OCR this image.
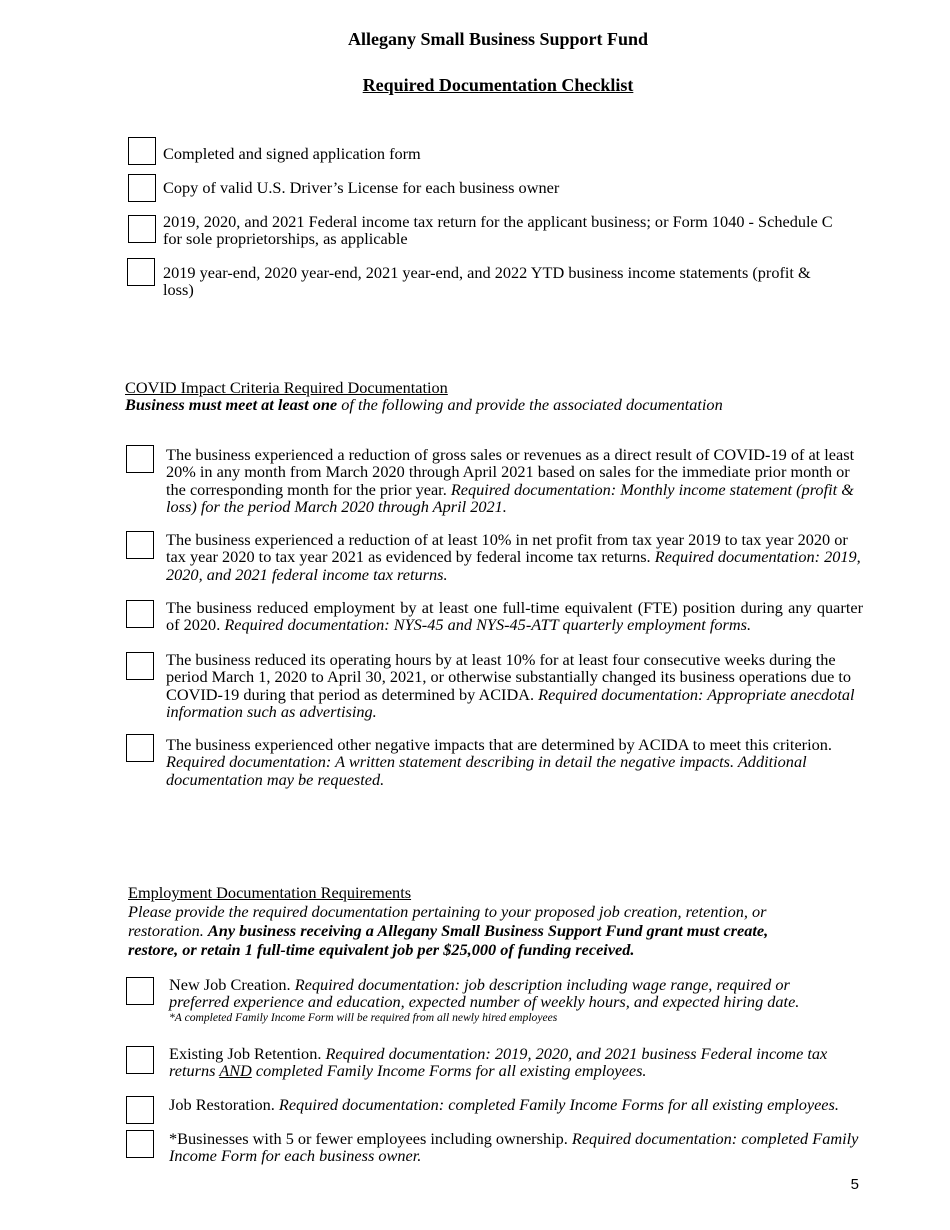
Allegany Small Business Support Fund
Required Documentation Checklist
Completed and signed application form
Copy of valid U.S. Driver’s License for each business owner
2019, 2020, and 2021 Federal income tax return for the applicant business; or Form 1040 - Schedule C for sole proprietorships, as applicable
2019 year-end, 2020 year-end, 2021 year-end, and 2022 YTD business income statements (profit & loss)
COVID Impact Criteria Required Documentation
Business must meet at least one of the following and provide the associated documentation
The business experienced a reduction of gross sales or revenues as a direct result of COVID-19 of at least 20% in any month from March 2020 through April 2021 based on sales for the immediate prior month or the corresponding month for the prior year. Required documentation: Monthly income statement (profit & loss) for the period March 2020 through April 2021.
The business experienced a reduction of at least 10% in net profit from tax year 2019 to tax year 2020 or tax year 2020 to tax year 2021 as evidenced by federal income tax returns. Required documentation: 2019, 2020, and 2021 federal income tax returns.
The business reduced employment by at least one full-time equivalent (FTE) position during any quarter of 2020. Required documentation: NYS-45 and NYS-45-ATT quarterly employment forms.
The business reduced its operating hours by at least 10% for at least four consecutive weeks during the period March 1, 2020 to April 30, 2021, or otherwise substantially changed its business operations due to COVID-19 during that period as determined by ACIDA. Required documentation: Appropriate anecdotal information such as advertising.
The business experienced other negative impacts that are determined by ACIDA to meet this criterion. Required documentation: A written statement describing in detail the negative impacts. Additional documentation may be requested.
Employment Documentation Requirements
Please provide the required documentation pertaining to your proposed job creation, retention, or restoration. Any business receiving a Allegany Small Business Support Fund grant must create, restore, or retain 1 full-time equivalent job per $25,000 of funding received.
New Job Creation. Required documentation: job description including wage range, required or preferred experience and education, expected number of weekly hours, and expected hiring date.
*A completed Family Income Form will be required from all newly hired employees
Existing Job Retention. Required documentation: 2019, 2020, and 2021 business Federal income tax returns AND completed Family Income Forms for all existing employees.
Job Restoration. Required documentation: completed Family Income Forms for all existing employees.
*Businesses with 5 or fewer employees including ownership. Required documentation: completed Family Income Form for each business owner.
5
